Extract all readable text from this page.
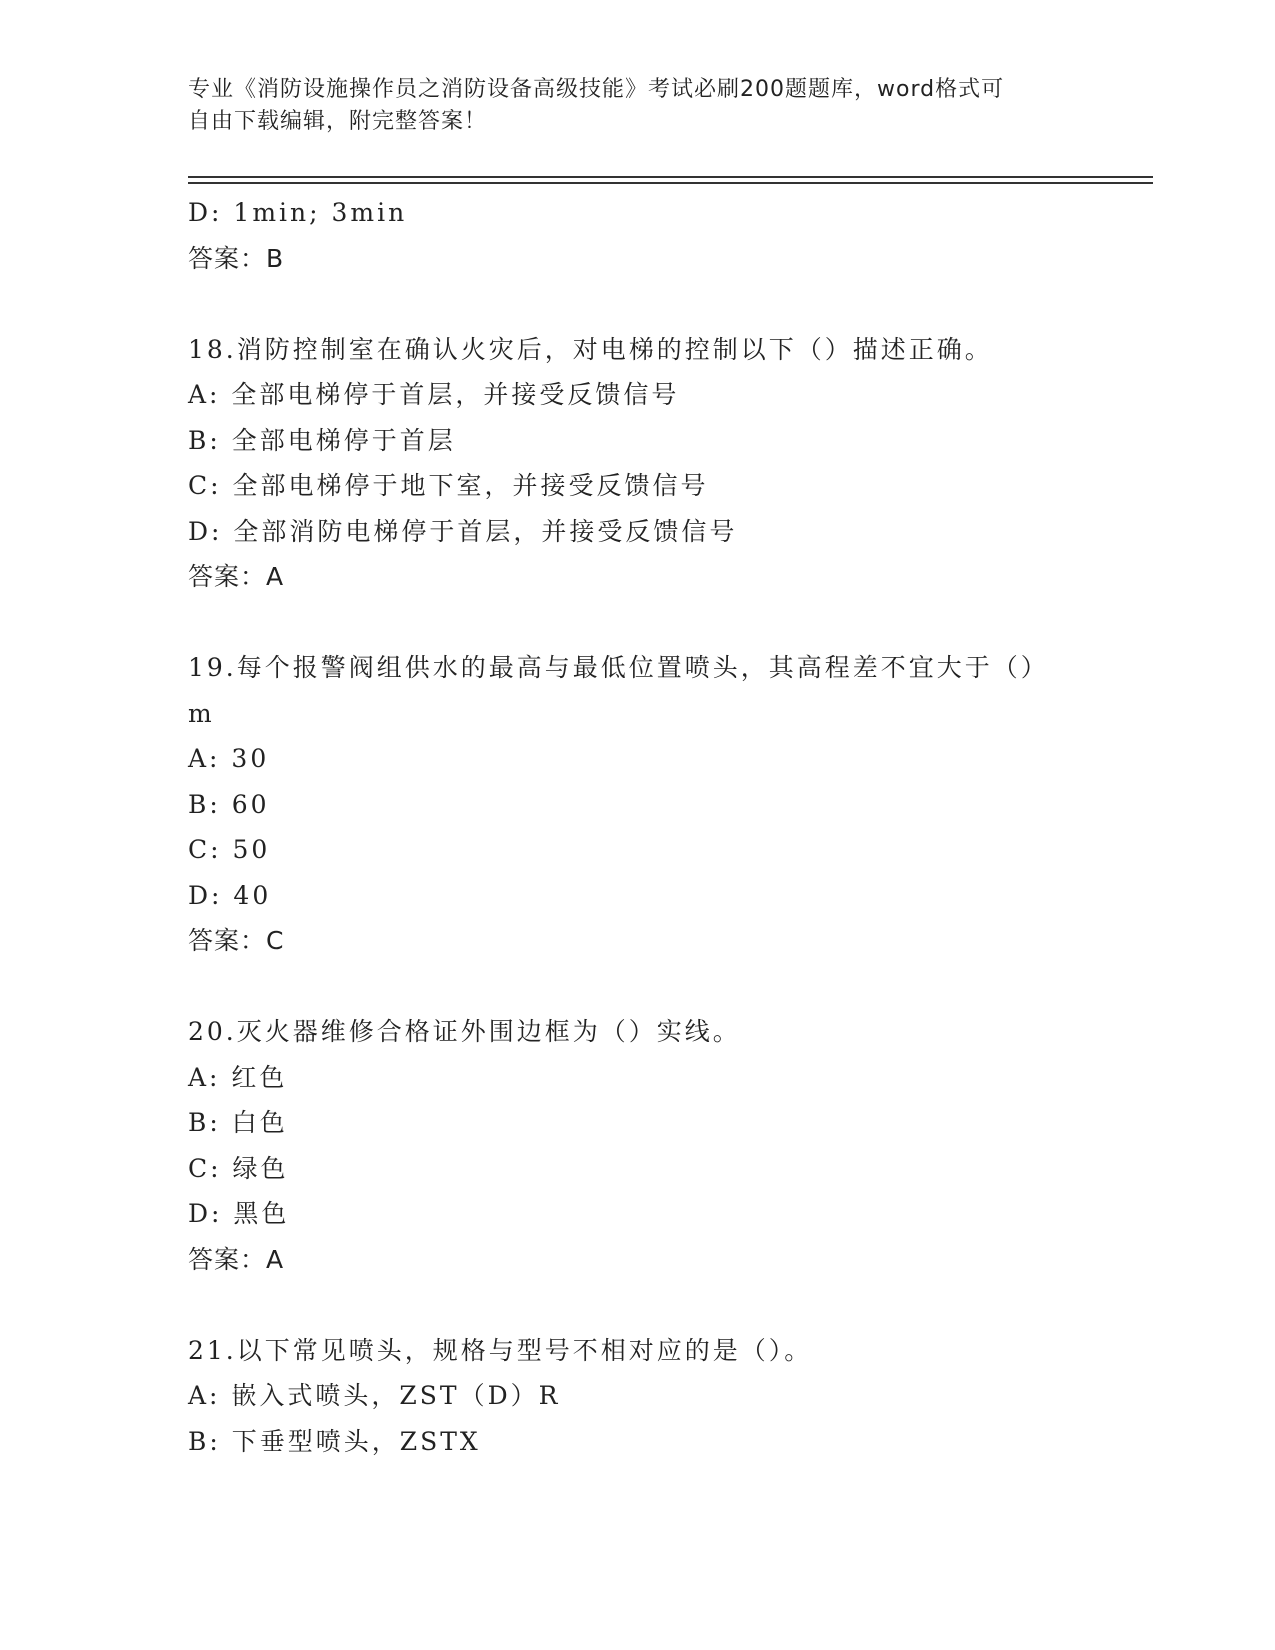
专业《消防设施操作员之消防设备高级技能》考试必刷200题题库，word格式可
自由下载编辑，附完整答案！
D: 1min; 3min
答案：B
18.消防控制室在确认火灾后，对电梯的控制以下（）描述正确。
A: 全部电梯停于首层，并接受反馈信号
B: 全部电梯停于首层
C: 全部电梯停于地下室，并接受反馈信号
D: 全部消防电梯停于首层，并接受反馈信号
答案：A
19.每个报警阀组供水的最高与最低位置喷头，其高程差不宜大于（）
m
A: 30
B: 60
C: 50
D: 40
答案：C
20.灭火器维修合格证外围边框为（）实线。
A: 红色
B: 白色
C: 绿色
D: 黑色
答案：A
21.以下常见喷头，规格与型号不相对应的是（）。
A: 嵌入式喷头，ZST（D）R
B: 下垂型喷头，ZSTX
